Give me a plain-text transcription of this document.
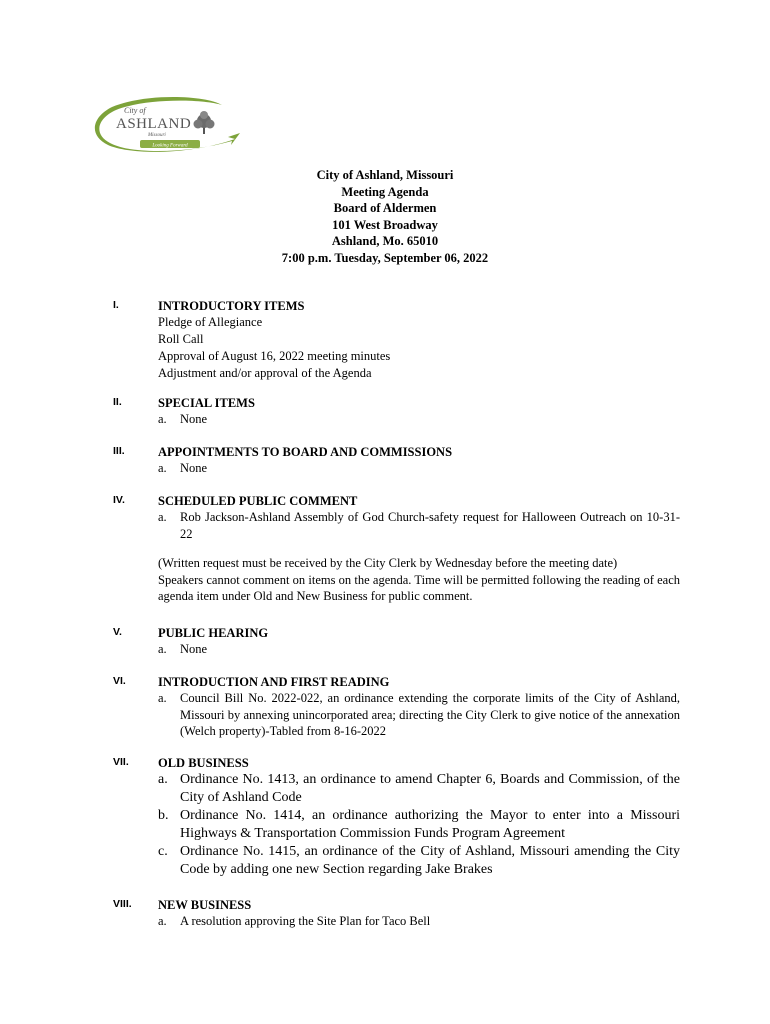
City of
ASHLAND
Missouri
Looking Forward
City of Ashland, Missouri
Meeting Agenda
Board of Aldermen
101 West Broadway
Ashland, Mo. 65010
7:00 p.m. Tuesday, September 06, 2022
I.	INTRODUCTORY ITEMS
Pledge of Allegiance
Roll Call
Approval of August 16, 2022 meeting minutes
Adjustment and/or approval of the Agenda
II.	SPECIAL ITEMS
a. None
III.	APPOINTMENTS TO BOARD AND COMMISSIONS
a. None
IV.	SCHEDULED PUBLIC COMMENT
a. Rob Jackson-Ashland Assembly of God Church-safety request for Halloween Outreach on 10-31-22
(Written request must be received by the City Clerk by Wednesday before the meeting date)
Speakers cannot comment on items on the agenda. Time will be permitted following the reading of each agenda item under Old and New Business for public comment.
V.	PUBLIC HEARING
a. None
VI.	INTRODUCTION AND FIRST READING
a. Council Bill No. 2022-022, an ordinance extending the corporate limits of the City of Ashland, Missouri by annexing unincorporated area; directing the City Clerk to give notice of the annexation (Welch property)-Tabled from 8-16-2022
VII. OLD BUSINESS
a. Ordinance No. 1413, an ordinance to amend Chapter 6, Boards and Commission, of the City of Ashland Code
b. Ordinance No. 1414, an ordinance authorizing the Mayor to enter into a Missouri Highways & Transportation Commission Funds Program Agreement
c. Ordinance No. 1415, an ordinance of the City of Ashland, Missouri amending the City Code by adding one new Section regarding Jake Brakes
VIII. NEW BUSINESS
a. A resolution approving the Site Plan for Taco Bell
